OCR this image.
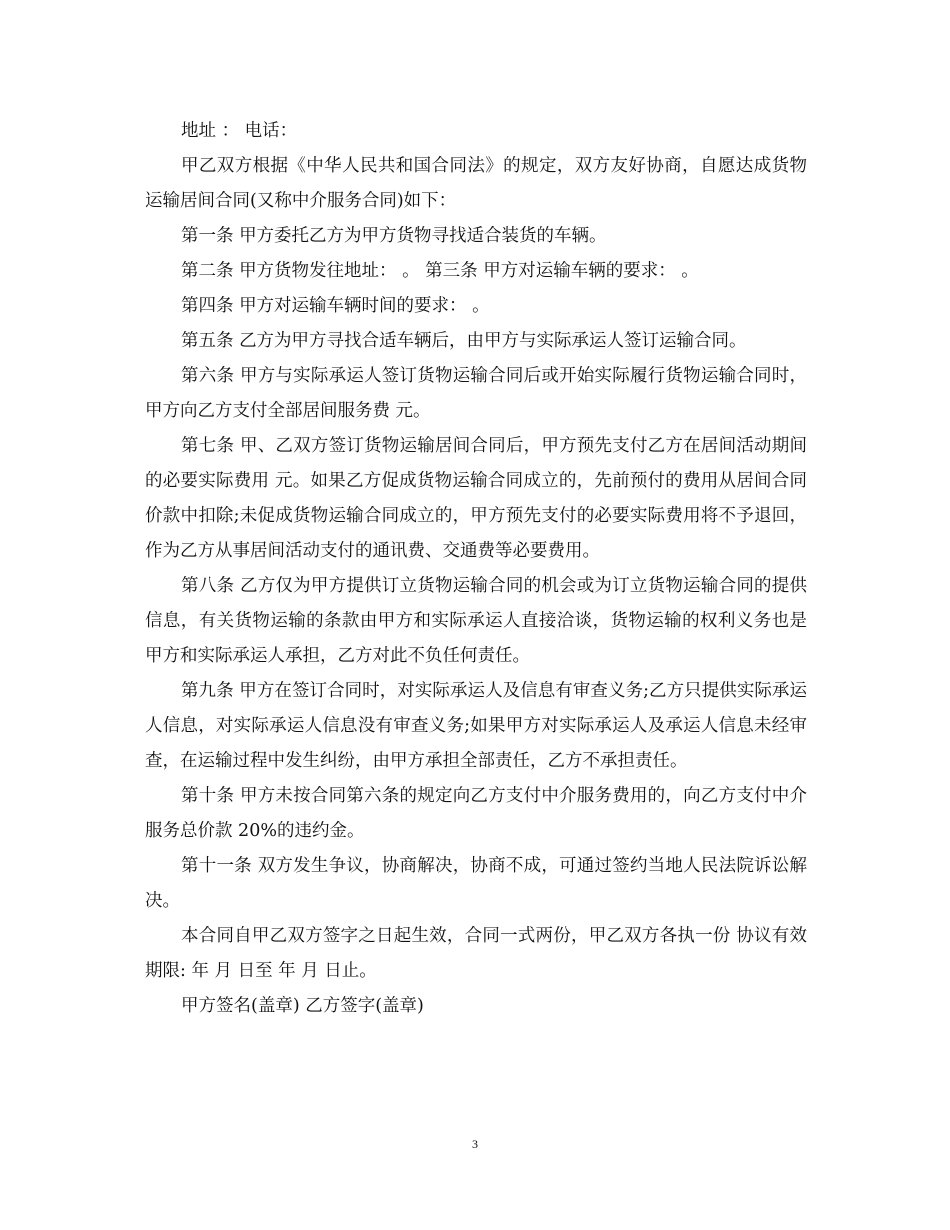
地址 ： 电话：

甲乙双方根据《中华人民共和国合同法》的规定，双方友好协商，自愿达成货物运输居间合同(又称中介服务合同)如下：

第一条 甲方委托乙方为甲方货物寻找适合装货的车辆。

第二条 甲方货物发往地址： 。 第三条 甲方对运输车辆的要求： 。

第四条 甲方对运输车辆时间的要求： 。

第五条 乙方为甲方寻找合适车辆后，由甲方与实际承运人签订运输合同。

第六条 甲方与实际承运人签订货物运输合同后或开始实际履行货物运输合同时，甲方向乙方支付全部居间服务费 元。

第七条 甲、乙双方签订货物运输居间合同后，甲方预先支付乙方在居间活动期间的必要实际费用 元。如果乙方促成货物运输合同成立的，先前预付的费用从居间合同价款中扣除;未促成货物运输合同成立的，甲方预先支付的必要实际费用将不予退回，作为乙方从事居间活动支付的通讯费、交通费等必要费用。

第八条 乙方仅为甲方提供订立货物运输合同的机会或为订立货物运输合同的提供信息，有关货物运输的条款由甲方和实际承运人直接洽谈，货物运输的权利义务也是甲方和实际承运人承担，乙方对此不负任何责任。

第九条 甲方在签订合同时，对实际承运人及信息有审查义务;乙方只提供实际承运人信息，对实际承运人信息没有审查义务;如果甲方对实际承运人及承运人信息未经审查，在运输过程中发生纠纷，由甲方承担全部责任，乙方不承担责任。

第十条 甲方未按合同第六条的规定向乙方支付中介服务费用的，向乙方支付中介服务总价款 20%的违约金。

第十一条 双方发生争议，协商解决，协商不成，可通过签约当地人民法院诉讼解决。

本合同自甲乙双方签字之日起生效，合同一式两份，甲乙双方各执一份 协议有效期限: 年 月 日至 年 月 日止。

甲方签名(盖章) 乙方签字(盖章)

3
